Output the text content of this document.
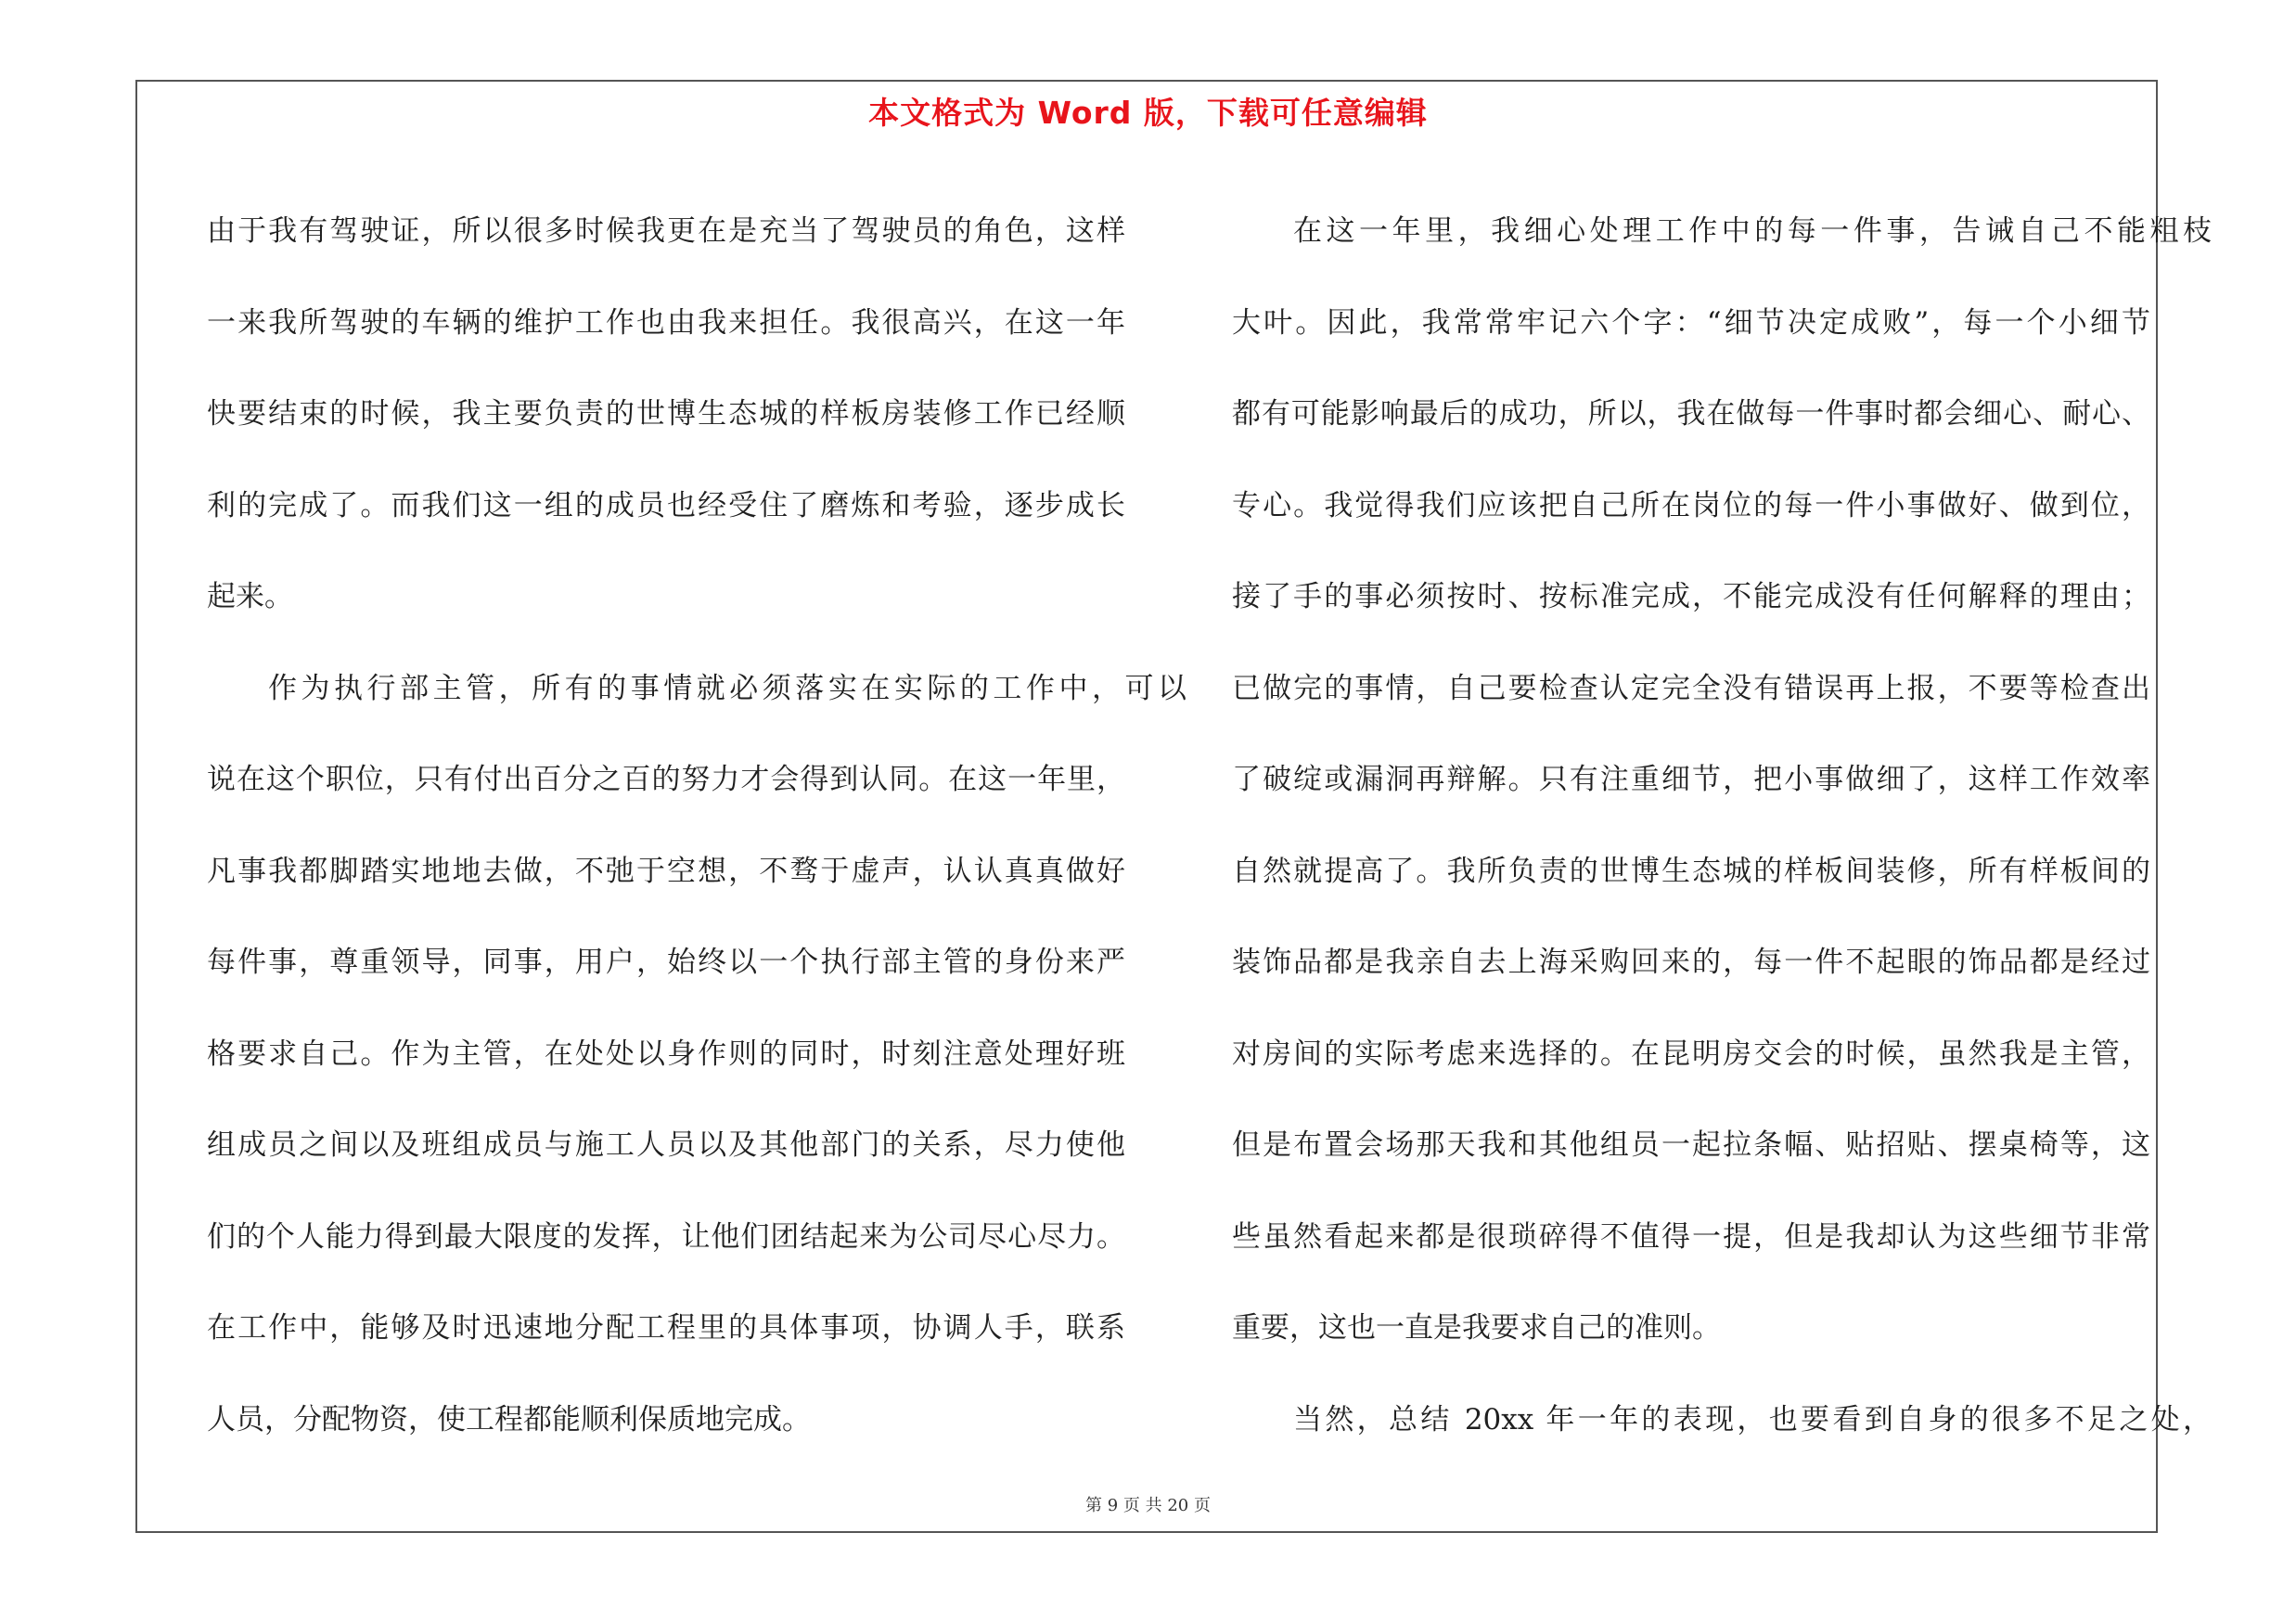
本文格式为 Word 版，下载可任意编辑
由于我有驾驶证，所以很多时候我更在是充当了驾驶员的角色，这样
一来我所驾驶的车辆的维护工作也由我来担任。我很高兴，在这一年
快要结束的时候，我主要负责的世博生态城的样板房装修工作已经顺
利的完成了。而我们这一组的成员也经受住了磨炼和考验，逐步成长
起来。
作为执行部主管，所有的事情就必须落实在实际的工作中，可以
说在这个职位，只有付出百分之百的努力才会得到认同。在这一年里，
凡事我都脚踏实地地去做，不弛于空想，不骛于虚声，认认真真做好
每件事，尊重领导，同事，用户，始终以一个执行部主管的身份来严
格要求自己。作为主管，在处处以身作则的同时，时刻注意处理好班
组成员之间以及班组成员与施工人员以及其他部门的关系，尽力使他
们的个人能力得到最大限度的发挥，让他们团结起来为公司尽心尽力。
在工作中，能够及时迅速地分配工程里的具体事项，协调人手，联系
人员，分配物资，使工程都能顺利保质地完成。
在这一年里，我细心处理工作中的每一件事，告诫自己不能粗枝
大叶。因此，我常常牢记六个字：“细节决定成败”，每一个小细节
都有可能影响最后的成功，所以，我在做每一件事时都会细心、耐心、
专心。我觉得我们应该把自己所在岗位的每一件小事做好、做到位，
接了手的事必须按时、按标准完成，不能完成没有任何解释的理由；
已做完的事情，自己要检查认定完全没有错误再上报，不要等检查出
了破绽或漏洞再辩解。只有注重细节，把小事做细了，这样工作效率
自然就提高了。我所负责的世博生态城的样板间装修，所有样板间的
装饰品都是我亲自去上海采购回来的，每一件不起眼的饰品都是经过
对房间的实际考虑来选择的。在昆明房交会的时候，虽然我是主管，
但是布置会场那天我和其他组员一起拉条幅、贴招贴、摆桌椅等，这
些虽然看起来都是很琐碎得不值得一提，但是我却认为这些细节非常
重要，这也一直是我要求自己的准则。
当然，总结 20xx 年一年的表现，也要看到自身的很多不足之处，
第 9 页 共 20 页
